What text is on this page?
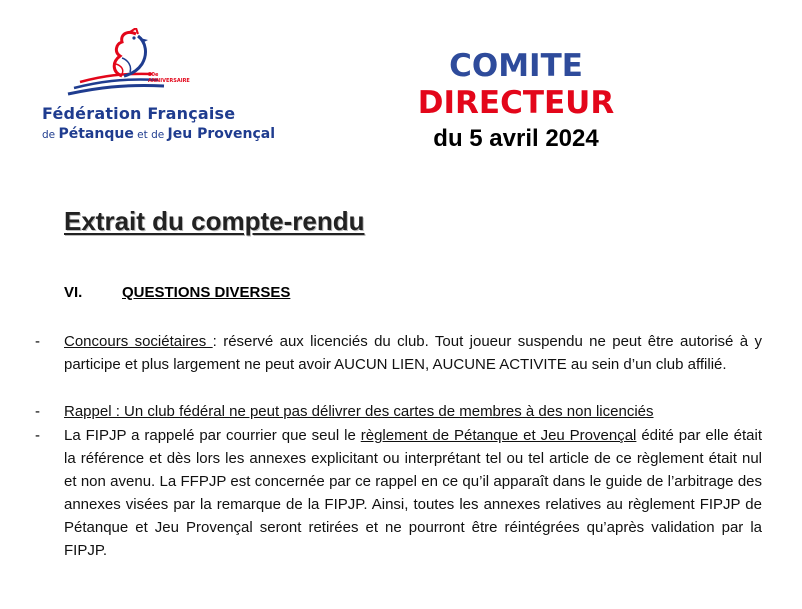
80e ANNIVERSAIRE
Fédération Française
de Pétanque et de Jeu Provençal
COMITE
DIRECTEUR
du 5 avril 2024
Extrait du compte-rendu
VI.	QUESTIONS DIVERSES
- Concours sociétaires : réservé aux licenciés du club. Tout joueur suspendu ne peut être autorisé à y participe et plus largement ne peut avoir AUCUN LIEN, AUCUNE ACTIVITE au sein d’un club affilié.
- Rappel : Un club fédéral ne peut pas délivrer des cartes de membres à des non licenciés
- La FIPJP a rappelé par courrier que seul le règlement de Pétanque et Jeu Provençal édité par elle était la référence et dès lors les annexes explicitant ou interprétant tel ou tel article de ce règlement était nul et non avenu. La FFPJP est concernée par ce rappel en ce qu’il apparaît dans le guide de l’arbitrage des annexes visées par la remarque de la FIPJP. Ainsi, toutes les annexes relatives au règlement FIPJP de Pétanque et Jeu Provençal seront retirées et ne pourront être réintégrées qu’après validation par la FIPJP.
